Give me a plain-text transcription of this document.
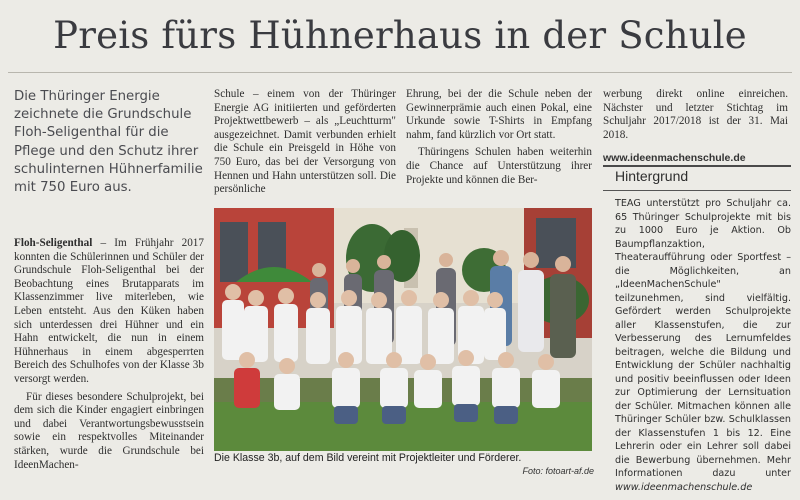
Preis fürs Hühnerhaus in der Schule
Die Thüringer Energie zeichnete die Grundschule Floh-Seligenthal für die Pflege und den Schutz ihrer schulinternen Hühnerfamilie mit 750 Euro aus.

Floh-Seligenthal – Im Frühjahr 2017 konnten die Schülerinnen und Schüler der Grundschule Floh-Seligenthal bei der Beobachtung eines Brutapparats im Klassenzimmer live miterleben, wie Leben entsteht. Aus den Küken haben sich unterdessen drei Hühner und ein Hahn entwickelt, die nun in einem Hühnerhaus in einem abgesperrten Bereich des Schulhofes von der Klasse 3b versorgt werden.

Für dieses besondere Schulprojekt, bei dem sich die Kinder engagiert einbringen und dabei Verantwortungsbewusstsein sowie ein respektvolles Miteinander stärken, wurde die Grundschule bei IdeenMachen-

Schule – einem von der Thüringer Energie AG initiierten und geförderten Projektwettbewerb – als „Leuchtturm" ausgezeichnet. Damit verbunden erhielt die Schule ein Preisgeld in Höhe von 750 Euro, das bei der Versorgung von Hennen und Hahn unterstützen soll. Die persönliche

Ehrung, bei der die Schule neben der Gewinnerprämie auch einen Pokal, eine Urkunde sowie T-Shirts in Empfang nahm, fand kürzlich vor Ort statt.

Thüringens Schulen haben weiterhin die Chance auf Unterstützung ihrer Projekte und können die Ber-

werbung direkt online einreichen. Nächster und letzter Stichtag im Schuljahr 2017/2018 ist der 31. Mai 2018.

www.ideenmachenschule.de
Hintergrund
TEAG unterstützt pro Schuljahr ca. 65 Thüringer Schulprojekte mit bis zu 1000 Euro je Aktion. Ob Baumpflanzaktion, Theateraufführung oder Sportfest – die Möglichkeiten, an „IdeenMachenSchule" teilzunehmen, sind vielfältig. Gefördert werden Schulprojekte aller Klassenstufen, die zur Verbesserung des Lernumfeldes beitragen, welche die Bildung und Entwicklung der Schüler nachhaltig und positiv beeinflussen oder Ideen zur Optimierung der Lernsituation der Schüler. Mitmachen können alle Thüringer Schüler bzw. Schulklassen der Klassenstufen 1 bis 12. Eine Lehrerin oder ein Lehrer soll dabei die Bewerbung übernehmen. Mehr Informationen dazu unter www.ideenmachenschule.de
Die Klasse 3b, auf dem Bild vereint mit Projektleiter und Förderer.
Foto: fotoart-af.de
